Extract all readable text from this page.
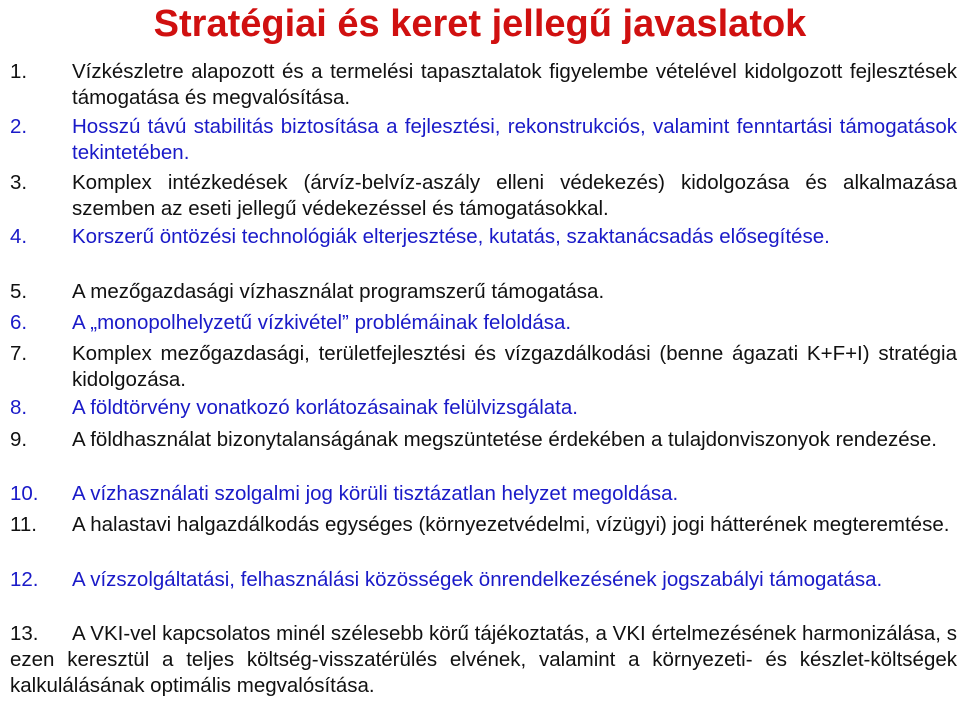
Stratégiai és keret jellegű javaslatok
1. Vízkészletre alapozott és a termelési tapasztalatok figyelembe vételével kidolgozott fejlesztések támogatása és megvalósítása.
2. Hosszú távú stabilitás biztosítása a fejlesztési, rekonstrukciós, valamint fenntartási támogatások tekintetében.
3. Komplex intézkedések (árvíz-belvíz-aszály elleni védekezés) kidolgozása és alkalmazása szemben az eseti jellegű védekezéssel és támogatásokkal.
4. Korszerű öntözési technológiák elterjesztése, kutatás, szaktanácsadás elősegítése.
5. A mezőgazdasági vízhasználat programszerű támogatása.
6. A „monopolhelyzetű vízkivétel” problémáinak feloldása.
7. Komplex mezőgazdasági, területfejlesztési és vízgazdálkodási (benne ágazati K+F+I) stratégia kidolgozása.
8. A földtörvény vonatkozó korlátozásainak felülvizsgálata.
9. A földhasználat bizonytalanságának megszüntetése érdekében a tulajdonviszonyok rendezése.
10. A vízhasználati szolgalmi jog körüli tisztázatlan helyzet megoldása.
11. A halastavi halgazdálkodás egységes (környezetvédelmi, vízügyi) jogi hátterének megteremtése.
12. A vízszolgáltatási, felhasználási közösségek önrendelkezésének jogszabályi támogatása.
13.	A VKI-vel kapcsolatos minél szélesebb körű tájékoztatás, a VKI értelmezésének harmonizálása, s ezen keresztül a teljes költség-visszatérülés elvének, valamint a környezeti- és készlet-költségek kalkulálásának optimális megvalósítása.
